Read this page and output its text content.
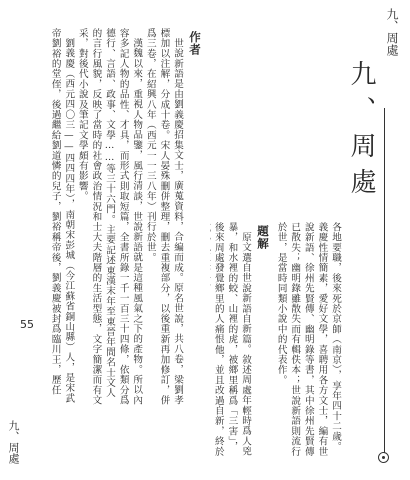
九、周處
九、周處

各地要職，後來死於京師（南京），享年四十二歲。義慶性情簡素，愛好文學，喜聘用各方文士，編有世說新語、徐州先賢傳、幽明錄等書，其中徐州先賢傳已散失；幽明錄雖散失而有輯佚本；世說新語則流行於世，是當時同類小說中的代表作。

題解

原文選自世說新語自新篇。敘述周處年輕時爲人兇暴，和水裡的蛟、山裡的虎，被鄉里稱爲「三害」，後來周處發覺鄉里的人痛恨他，並且改過自新，終於

55
作者

世說新語是由劉義慶招集文士，廣蒐資料，合編而成。原名世說，共八卷，梁劉孝標加以注解，分成十卷。宋人晏殊刪併整理，刪去重複部分，以後重新再加修訂，併爲三卷，在紹興八年（西元一一三八年）刊行於世。

漢魏以來，重視人物品鑒，風行清談，世說新語就是這種風氣之下的產物。所以內容多記人物的品性、才具，而形式則取短篇，全書所錄一千一百三十四條，依類分爲德行、言語、政事、文學……等三十六門。主要記述東漢末年至東晉年間名士文人的言行風貌，反映了當時的社會政治情況和士大夫階層的生活型態，文字簡潔而有文采，對後代小說及筆記文學頗有影響。

劉義慶（西元四〇三——四四四年），南朝宋彭城（今江蘇省銅山縣）人，是宋武帝劉裕的堂侄，後過繼給劉道憐的兒子，劉裕稱帝後，劉義慶被封爲臨川王，歷任

九、周處
